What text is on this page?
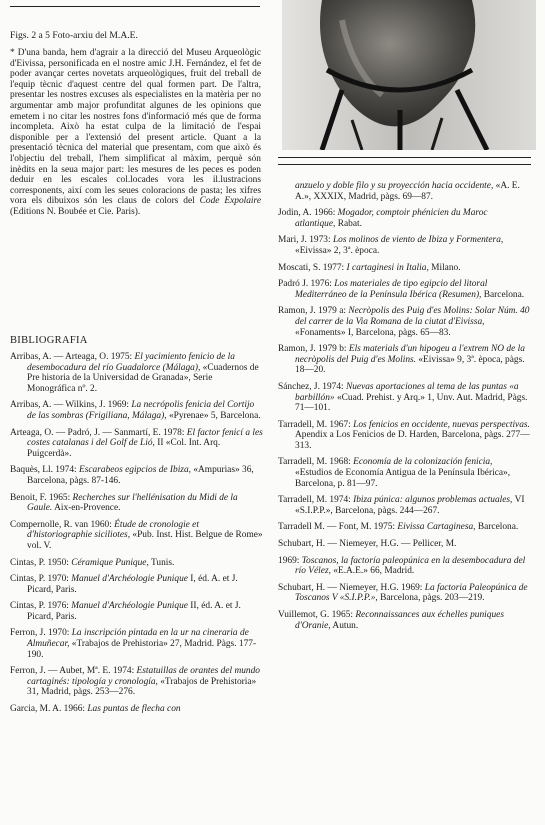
Figs. 2 a 5 Foto-arxiu del M.A.E.

* D'una banda, hem d'agrair a la direcció del Museu Arqueològic d'Eivissa, personificada en el nostre amic J.H. Fernández, el fet de poder avançar certes novetats arqueològiques, fruit del treball de l'equip tècnic d'aquest centre del qual formen part. De l'altra, presentar les nostres excuses als especialistes en la matèria per no argumentar amb major profunditat algunes de les opinions que emetem i no citar les nostres fons d'informació més que de forma incompleta. Això ha estat culpa de la limitació de l'espai disponible per a l'extensió del present article. Quant a la presentació tècnica del material que presentam, com que això és l'objectiu del treball, l'hem simplificat al màxim, perquè són inèdits en la seua major part: les mesures de les peces es poden deduir en les escales col.locades vora les il.lustracions corresponents, així com les seues coloracions de pasta; les xifres vora els dibuixos són les claus de colors del Code Expolaire (Editions N. Boubée et Cie. Paris).

BIBLIOGRAFIA

Arribas, A. — Arteaga, O. 1975: El yacimiento fenicio de la desembocadura del río Guadalorce (Málaga), «Cuadernos de Pre historia de la Universidad de Granada», Serie Monográfica nº. 2.

Arribas, A. — Wilkins, J. 1969: La necrópolis fenicia del Cortijo de las sombras (Frigiliana, Málaga), «Pyrenae» 5, Barcelona.

Arteaga, O. — Padró, J. — Sanmartí, E. 1978: El factor fenicí a les costes catalanas i del Golf de Lió, II «Col. Int. Arq. Puigcerdà».

Baquès, Ll. 1974: Escarabeos egipcios de Ibiza, «Ampurias» 36, Barcelona, pàgs. 87-146.

Benoit, F. 1965: Recherches sur l'hellénisation du Midi de la Gaule. Aix-en-Provence.

Compernolle, R. van 1960: Étude de cronologie et d'historiographie siciliotes, «Pub. Inst. Hist. Belgue de Rome» vol. V.

Cintas, P. 1950: Céramique Punique, Tunis.

Cintas, P. 1970: Manuel d'Archéologie Punique I, éd. A. et J. Picard, Paris.

Cintas, P. 1976: Manuel d'Archéologie Punique II, éd. A. et J. Picard, Paris.

Ferron, J. 1970: La inscripción pintada en la ur na cineraria de Almuñecar, «Trabajos de Prehistoria» 27, Madrid. Pàgs. 177-190.

Ferron, J. — Aubet, Mª. E. 1974: Estatuillas de orantes del mundo cartaginés: tipología y cronología, «Trabajos de Prehistoria» 31, Madrid, pàgs. 253—276.

Garcia, M. A. 1966: Las puntas de flecha con

anzuelo y doble filo y su proyección hacia occidente, «A. E. A.», XXXIX, Madrid, pàgs. 69—87.

Jodin, A. 1966: Mogador, comptoir phénicien du Maroc atlantique, Rabat.

Mari, J. 1973: Los molinos de viento de Ibiza y Formentera, «Eivissa» 2, 3ª. època.

Moscati, S. 1977: I cartaginesi in Italia, Milano.

Padró J. 1976: Los materiales de tipo egipcio del litoral Mediterráneo de la Península Ibérica (Resumen), Barcelona.

Ramon, J. 1979 a: Necròpolis des Puig d'es Molins: Solar Núm. 40 del carrer de la Via Romana de la ciutat d'Eivissa, «Fonaments» I, Barcelona, pàgs. 65—83.

Ramon, J. 1979 b: Els materials d'un hipogeu a l'extrem NO de la necròpolis del Puig d'es Molins. «Eivissa» 9, 3ª. època, pàgs. 18—20.

Sánchez, J. 1974: Nuevas aportaciones al tema de las puntas «a barbillón» «Cuad. Prehist. y Arq.» 1, Unv. Aut. Madrid, Pàgs. 71—101.

Tarradell, M. 1967: Los fenicios en occidente, nuevas perspectivas. Apendix a Los Fenicios de D. Harden, Barcelona, pàgs. 277—313.

Tarradell, M. 1968: Economía de la colonización fenicia, «Estudios de Economía Antigua de la Península Ibérica», Barcelona, p. 81—97.

Tarradell, M. 1974: Ibiza púnica: algunos problemas actuales, VI «S.I.P.P.», Barcelona, pàgs. 244—267.

Tarradell M. — Font, M. 1975: Eivissa Cartaginesa, Barcelona.

Schubart, H. — Niemeyer, H.G. — Pellicer, M.

1969: Toscanos, la factoría paleopúnica en la desembocadura del río Vélez, «E.A.E.» 66, Madrid.

Schubart, H. — Niemeyer, H.G. 1969: La factoria Paleopúnica de Toscanos V «S.I.P.P.», Barcelona, pàgs. 203—219.

Vuillemot, G. 1965: Reconnaissances aux échelles puniques d'Oranie, Autun.
